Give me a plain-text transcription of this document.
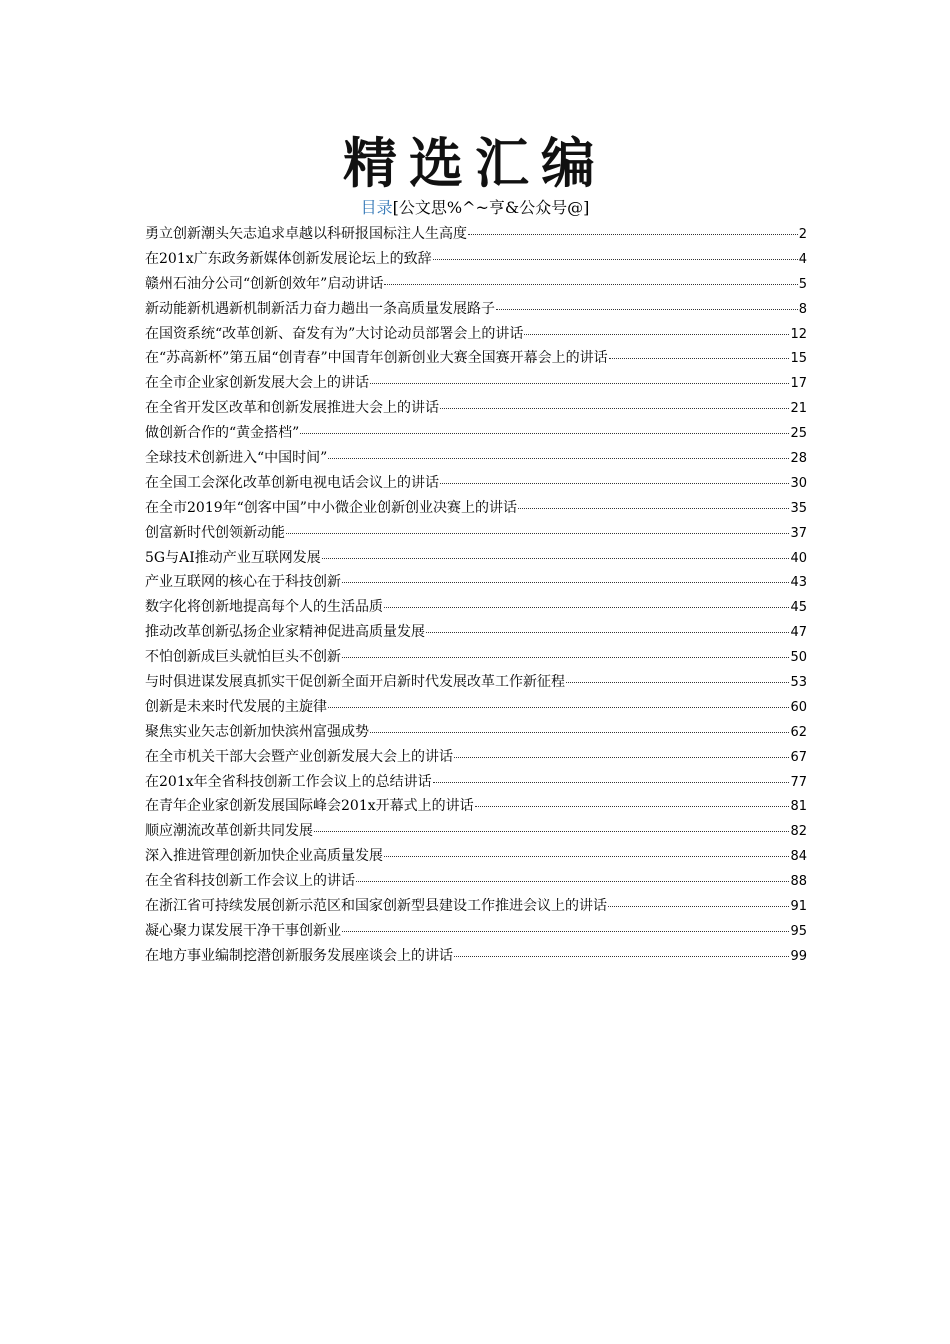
精选汇编
目录[公文思%^~亨&公众号@]
勇立创新潮头矢志追求卓越以科研报国标注人生高度	2
在201x广东政务新媒体创新发展论坛上的致辞	4
赣州石油分公司“创新创效年”启动讲话	5
新动能新机遇新机制新活力奋力趟出一条高质量发展路子	8
在国资系统“改革创新、奋发有为”大讨论动员部署会上的讲话	12
在“苏高新杯”第五届“创青春”中国青年创新创业大赛全国赛开幕会上的讲话	15
在全市企业家创新发展大会上的讲话	17
在全省开发区改革和创新发展推进大会上的讲话	21
做创新合作的“黄金搭档”	25
全球技术创新进入“中国时间”	28
在全国工会深化改革创新电视电话会议上的讲话	30
在全市2019年“创客中国”中小微企业创新创业决赛上的讲话	35
创富新时代创领新动能	37
5G与AI推动产业互联网发展	40
产业互联网的核心在于科技创新	43
数字化将创新地提高每个人的生活品质	45
推动改革创新弘扬企业家精神促进高质量发展	47
不怕创新成巨头就怕巨头不创新	50
与时俱进谋发展真抓实干促创新全面开启新时代发展改革工作新征程	53
创新是未来时代发展的主旋律	60
聚焦实业矢志创新加快滨州富强成势	62
在全市机关干部大会暨产业创新发展大会上的讲话	67
在201x年全省科技创新工作会议上的总结讲话	77
在青年企业家创新发展国际峰会201x开幕式上的讲话	81
顺应潮流改革创新共同发展	82
深入推进管理创新加快企业高质量发展	84
在全省科技创新工作会议上的讲话	88
在浙江省可持续发展创新示范区和国家创新型县建设工作推进会议上的讲话	91
凝心聚力谋发展干净干事创新业	95
在地方事业编制挖潜创新服务发展座谈会上的讲话	99
